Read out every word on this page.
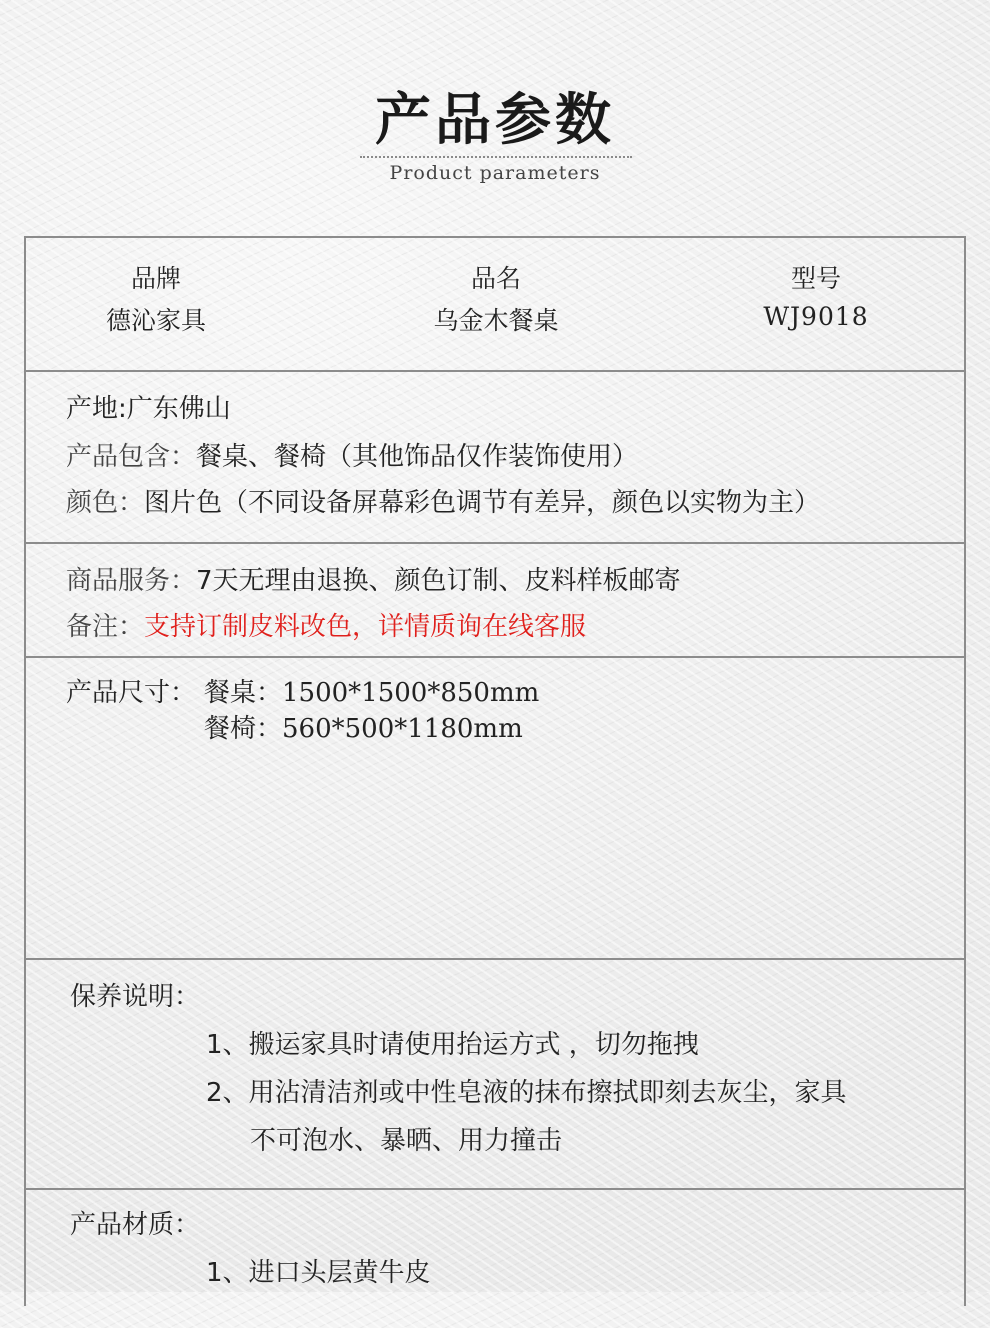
产品参数
Product parameters
品牌
德沁家具
品名
乌金木餐桌
型号
WJ9018
产地:广东佛山
产品包含：餐桌、餐椅（其他饰品仅作装饰使用）
颜色：图片色（不同设备屏幕彩色调节有差异，颜色以实物为主）
商品服务：7天无理由退换、颜色订制、皮料样板邮寄
备注：支持订制皮料改色，详情质询在线客服
产品尺寸： 餐桌：1500*1500*850mm
餐椅：560*500*1180mm
保养说明：
1、搬运家具时请使用抬运方式 ，切勿拖拽
2、用沾清洁剂或中性皂液的抹布擦拭即刻去灰尘，家具
不可泡水、暴晒、用力撞击
产品材质：
1、进口头层黄牛皮
